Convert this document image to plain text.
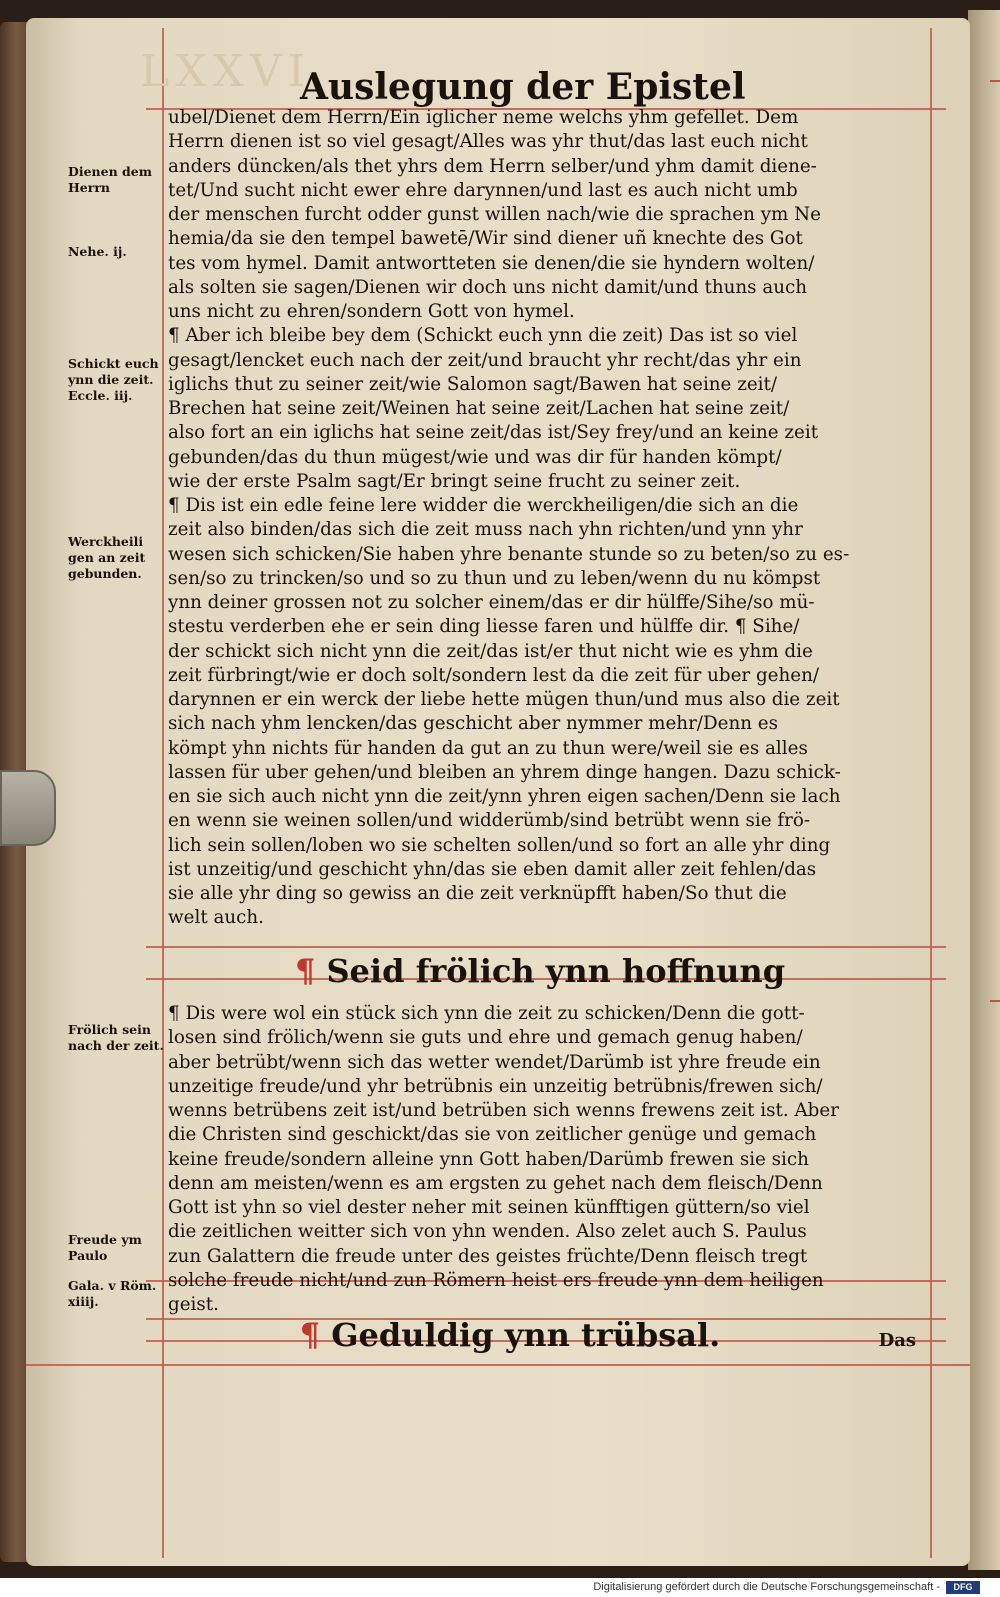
LXXVI
Auslegung der Epistel
Dienen dem Herrn
Nehe. ij.
Schickt euch ynn die zeit. Eccle. iij.
Werckheili gen an zeit gebunden.
Frölich sein nach der zeit.
Freude ym Paulo
Gala. v Röm. xiiij.
ubel/Dienet dem Herrn/Ein iglicher neme welchs yhm gefellet. Dem
Herrn dienen ist so viel gesagt/Alles was yhr thut/das last euch nicht
anders düncken/als thet yhrs dem Herrn selber/und yhm damit diene-
tet/Und sucht nicht ewer ehre darynnen/und last es auch nicht umb
der menschen furcht odder gunst willen nach/wie die sprachen ym Ne
hemia/da sie den tempel bawetē/Wir sind diener uñ knechte des Got
tes vom hymel. Damit antwortteten sie denen/die sie hyndern wolten/
als solten sie sagen/Dienen wir doch uns nicht damit/und thuns auch
uns nicht zu ehren/sondern Gott von hymel.
¶ Aber ich bleibe bey dem (Schickt euch ynn die zeit) Das ist so viel
gesagt/lencket euch nach der zeit/und braucht yhr recht/das yhr ein
iglichs thut zu seiner zeit/wie Salomon sagt/Bawen hat seine zeit/
Brechen hat seine zeit/Weinen hat seine zeit/Lachen hat seine zeit/
also fort an ein iglichs hat seine zeit/das ist/Sey frey/und an keine zeit
gebunden/das du thun mügest/wie und was dir für handen kömpt/
wie der erste Psalm sagt/Er bringt seine frucht zu seiner zeit.
¶ Dis ist ein edle feine lere widder die werckheiligen/die sich an die
zeit also binden/das sich die zeit muss nach yhn richten/und ynn yhr
wesen sich schicken/Sie haben yhre benante stunde so zu beten/so zu es-
sen/so zu trincken/so und so zu thun und zu leben/wenn du nu kömpst
ynn deiner grossen not zu solcher einem/das er dir hülffe/Sihe/so mü-
stestu verderben ehe er sein ding liesse faren und hülffe dir. ¶ Sihe/
der schickt sich nicht ynn die zeit/das ist/er thut nicht wie es yhm die
zeit fürbringt/wie er doch solt/sondern lest da die zeit für uber gehen/
darynnen er ein werck der liebe hette mügen thun/und mus also die zeit
sich nach yhm lencken/das geschicht aber nymmer mehr/Denn es
kömpt yhn nichts für handen da gut an zu thun were/weil sie es alles
lassen für uber gehen/und bleiben an yhrem dinge hangen. Dazu schick-
en sie sich auch nicht ynn die zeit/ynn yhren eigen sachen/Denn sie lach
en wenn sie weinen sollen/und widderümb/sind betrübt wenn sie frö-
lich sein sollen/loben wo sie schelten sollen/und so fort an alle yhr ding
ist unzeitig/und geschicht yhn/das sie eben damit aller zeit fehlen/das
sie alle yhr ding so gewiss an die zeit verknüpfft haben/So thut die
welt auch.
¶ Seid frölich ynn hoffnung
¶ Dis were wol ein stück sich ynn die zeit zu schicken/Denn die gott-
losen sind frölich/wenn sie guts und ehre und gemach genug haben/
aber betrübt/wenn sich das wetter wendet/Darümb ist yhre freude ein
unzeitige freude/und yhr betrübnis ein unzeitig betrübnis/frewen sich/
wenns betrübens zeit ist/und betrüben sich wenns frewens zeit ist. Aber
die Christen sind geschickt/das sie von zeitlicher genüge und gemach
keine freude/sondern alleine ynn Gott haben/Darümb frewen sie sich
denn am meisten/wenn es am ergsten zu gehet nach dem fleisch/Denn
Gott ist yhn so viel dester neher mit seinen künfftigen güttern/so viel
die zeitlichen weitter sich von yhn wenden. Also zelet auch S. Paulus
zun Galattern die freude unter des geistes früchte/Denn fleisch tregt
solche freude nicht/und zun Römern heist ers freude ynn dem heiligen
geist.
¶ Geduldig ynn trübsal.	Das
Digitalisierung gefördert durch die Deutsche Forschungsgemeinschaft -	DFG
